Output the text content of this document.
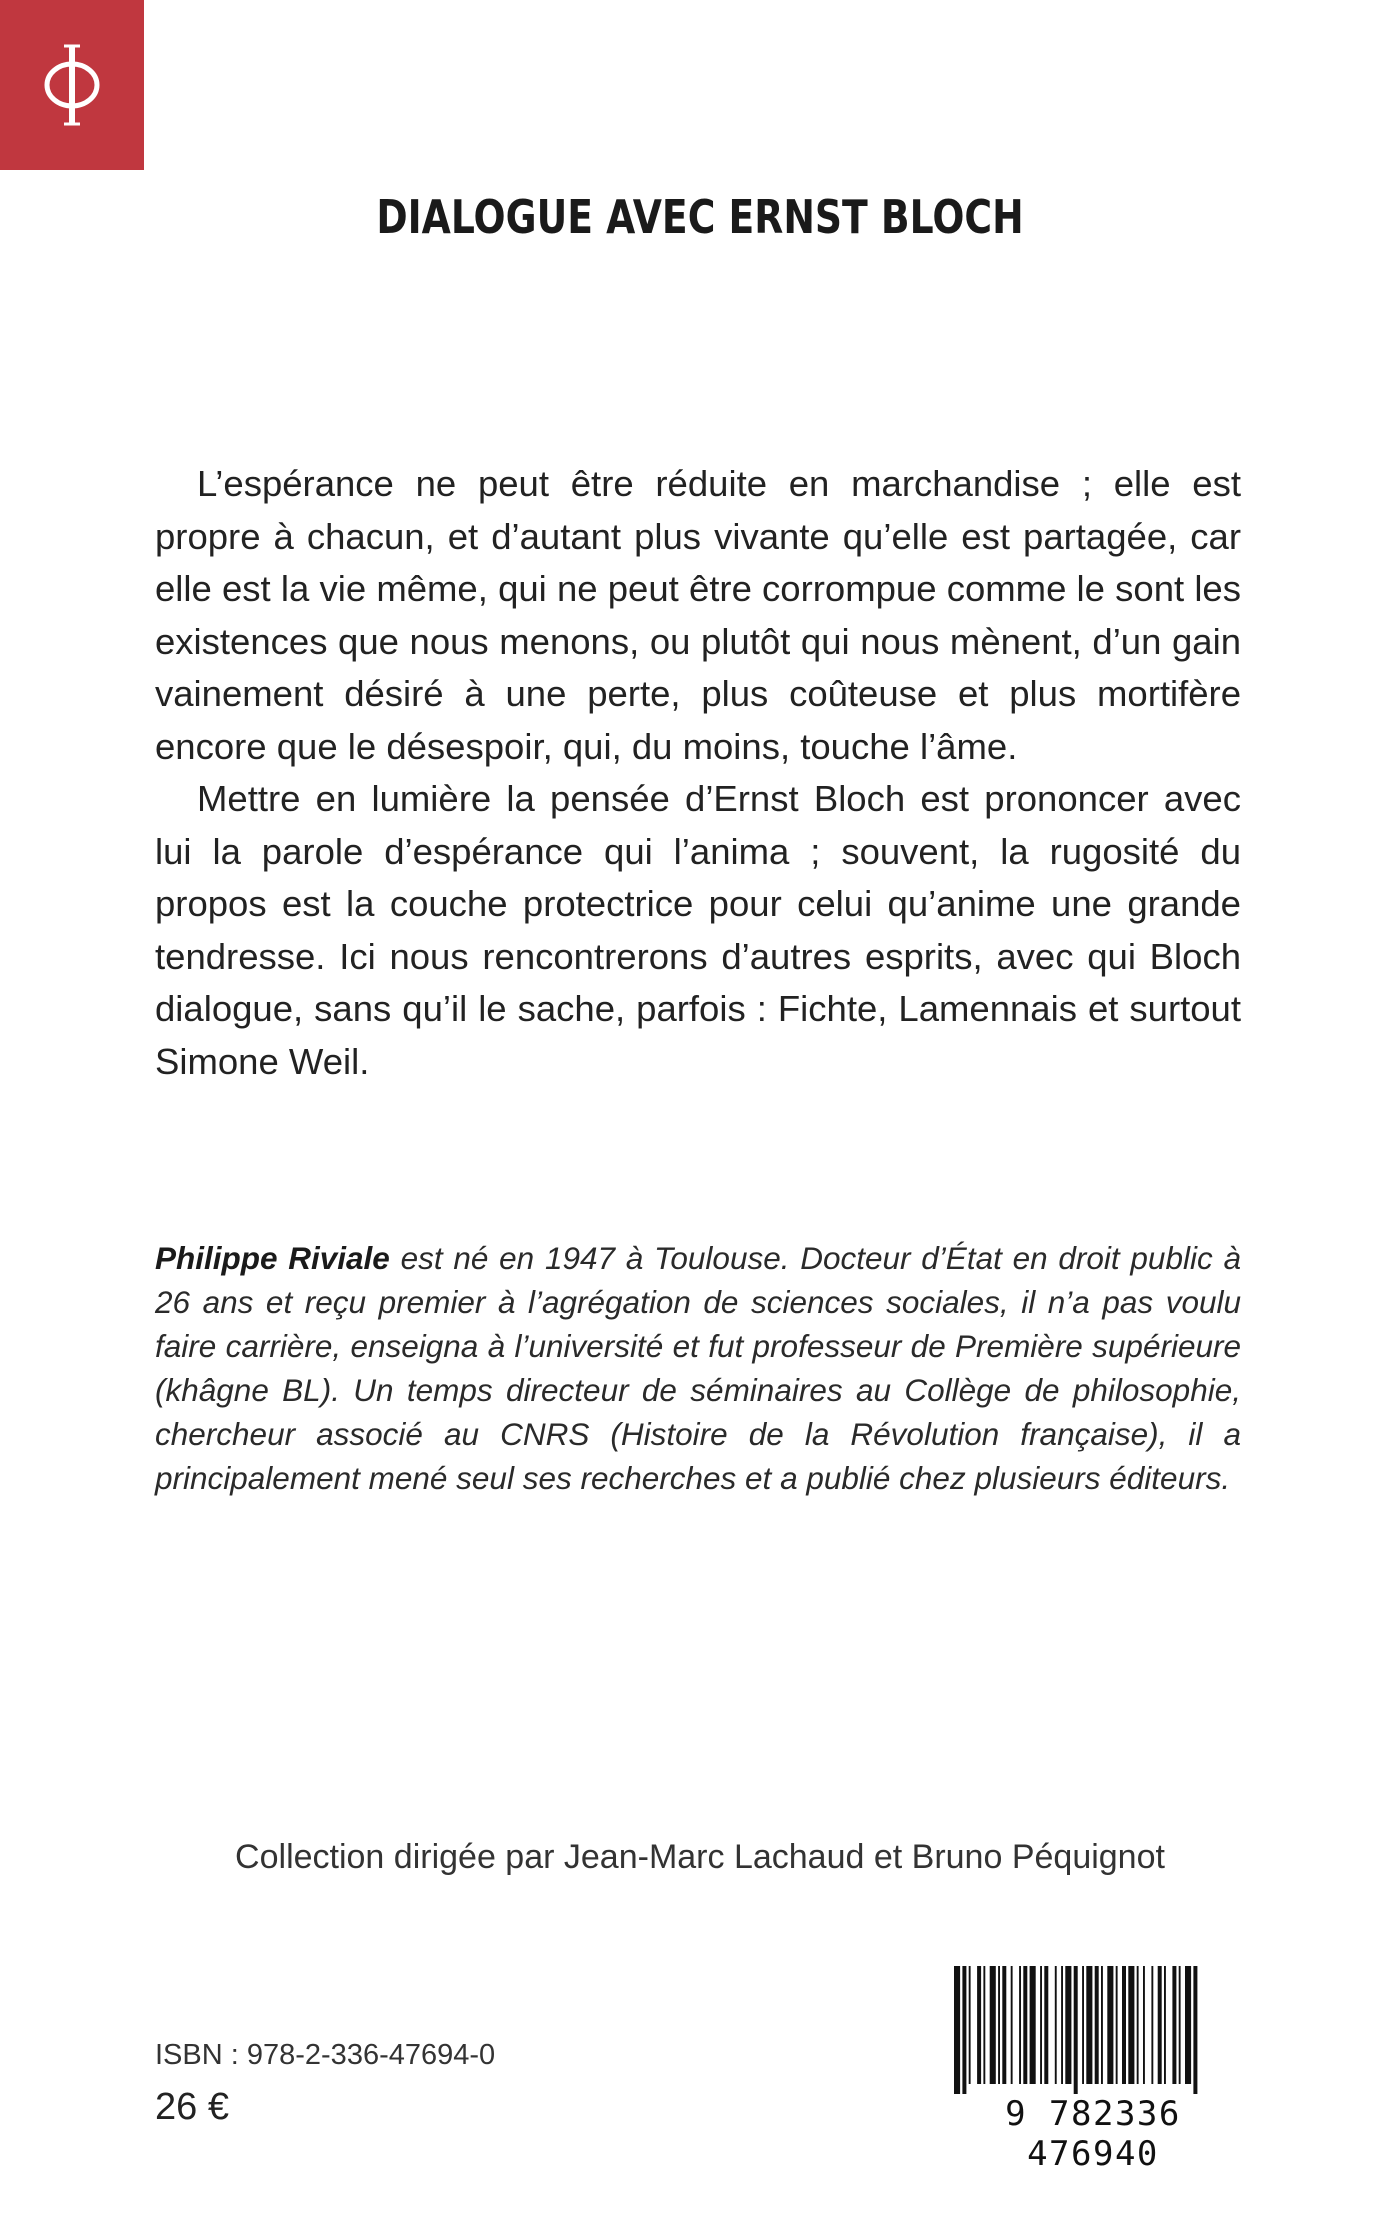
DIALOGUE AVEC ERNST BLOCH

L’espérance ne peut être réduite en marchandise ; elle est propre à chacun, et d’autant plus vivante qu’elle est partagée, car elle est la vie même, qui ne peut être corrompue comme le sont les existences que nous menons, ou plutôt qui nous mènent, d’un gain vainement désiré à une perte, plus coûteuse et plus mortifère encore que le désespoir, qui, du moins, touche l’âme.

Mettre en lumière la pensée d’Ernst Bloch est prononcer avec lui la parole d’espérance qui l’anima ; souvent, la rugosité du propos est la couche protectrice pour celui qu’anime une grande tendresse. Ici nous rencontrerons d’autres esprits, avec qui Bloch dialogue, sans qu’il le sache, parfois : Fichte, Lamennais et surtout Simone Weil.

Philippe Riviale est né en 1947 à Toulouse. Docteur d’État en droit public à 26 ans et reçu premier à l’agrégation de sciences sociales, il n’a pas voulu faire carrière, enseigna à l’université et fut professeur de Première supérieure (khâgne BL). Un temps directeur de séminaires au Collège de philosophie, chercheur associé au CNRS (Histoire de la Révolution française), il a principalement mené seul ses recherches et a publié chez plusieurs éditeurs.

Collection dirigée par Jean-Marc Lachaud et Bruno Péquignot

ISBN : 978-2-336-47694-0

26 €	9 782336 476940
